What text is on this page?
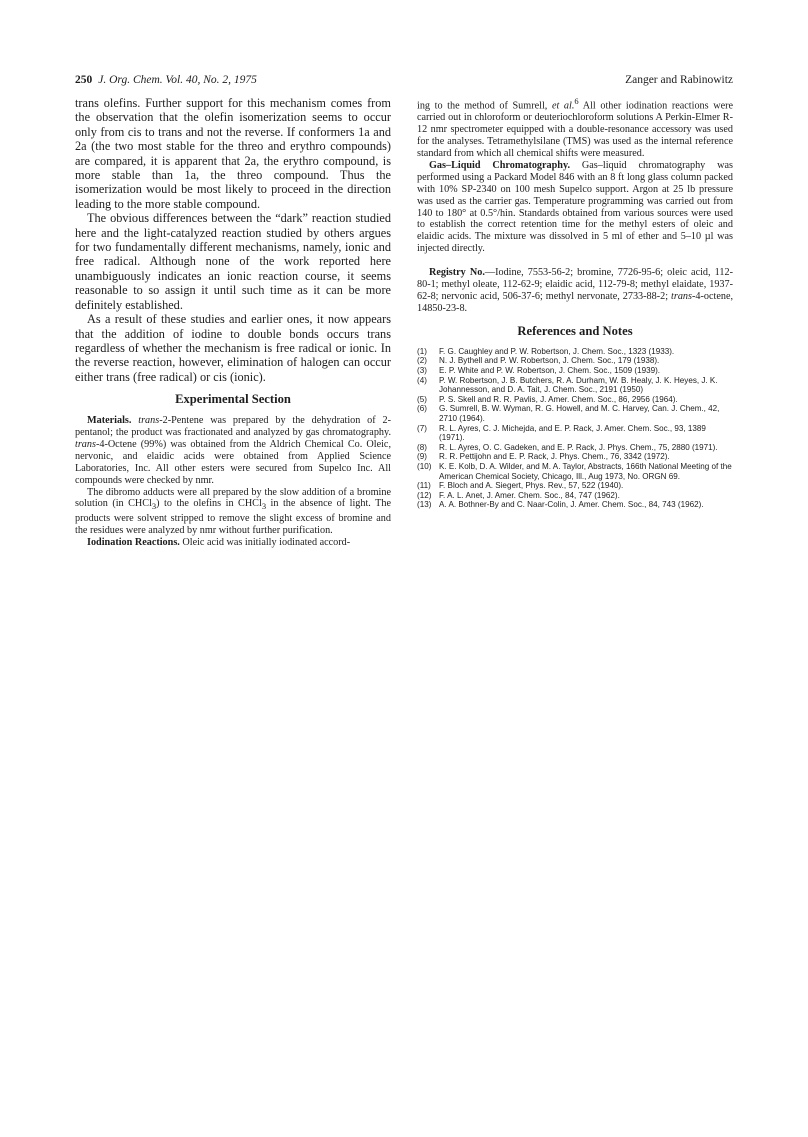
250 J. Org. Chem. Vol. 40, No. 2, 1975	Zanger and Rabinowitz

trans olefins. Further support for this mechanism comes from the observation that the olefin isomerization seems to occur only from cis to trans and not the reverse. If conformers 1a and 2a (the two most stable for the threo and erythro compounds) are compared, it is apparent that 2a, the erythro compound, is more stable than 1a, the threo compound. Thus the isomerization would be most likely to proceed in the direction leading to the more stable compound.

The obvious differences between the “dark” reaction studied here and the light-catalyzed reaction studied by others argues for two fundamentally different mechanisms, namely, ionic and free radical. Although none of the work reported here unambiguously indicates an ionic reaction course, it seems reasonable to so assign it until such time as it can be more definitely established.

As a result of these studies and earlier ones, it now appears that the addition of iodine to double bonds occurs trans regardless of whether the mechanism is free radical or ionic. In the reverse reaction, however, elimination of halogen can occur either trans (free radical) or cis (ionic).

Experimental Section

Materials. trans-2-Pentene was prepared by the dehydration of 2-pentanol; the product was fractionated and analyzed by gas chromatography. trans-4-Octene (99%) was obtained from the Aldrich Chemical Co. Oleic, nervonic, and elaidic acids were obtained from Applied Science Laboratories, Inc. All other esters were secured from Supelco Inc. All compounds were checked by nmr.

The dibromo adducts were all prepared by the slow addition of a bromine solution (in CHCl$_3$) to the olefins in CHCl$_3$ in the absence of light. The products were solvent stripped to remove the slight excess of bromine and the residues were analyzed by nmr without further purification.

Iodination Reactions. Oleic acid was initially iodinated accord-

ing to the method of Sumrell, et al.$^6$ All other iodination reactions were carried out in chloroform or deuteriochloroform solutions A Perkin-Elmer R-12 nmr spectrometer equipped with a double-resonance accessory was used for the analyses. Tetramethylsilane (TMS) was used as the internal reference standard from which all chemical shifts were measured.

Gas–Liquid Chromatography. Gas–liquid chromatography was performed using a Packard Model 846 with an 8 ft long glass column packed with 10% SP-2340 on 100 mesh Supelco support. Argon at 25 lb pressure was used as the carrier gas. Temperature programming was carried out from 140 to 180° at 0.5°/hin. Standards obtained from various sources were used to establish the correct retention time for the methyl esters of oleic and elaidic acids. The mixture was dissolved in 5 ml of ether and 5–10 µl was injected directly.

Registry No.—Iodine, 7553-56-2; bromine, 7726-95-6; oleic acid, 112-80-1; methyl oleate, 112-62-9; elaidic acid, 112-79-8; methyl elaidate, 1937-62-8; nervonic acid, 506-37-6; methyl nervonate, 2733-88-2; trans-4-octene, 14850-23-8.

References and Notes
(1)	F. G. Caughley and P. W. Robertson, J. Chem. Soc., 1323 (1933).
(2)	N. J. Bythell and P. W. Robertson, J. Chem. Soc., 179 (1938).
(3)	E. P. White and P. W. Robertson, J. Chem. Soc., 1509 (1939).
(4)	P. W. Robertson, J. B. Butchers, R. A. Durham, W. B. Healy, J. K. Heyes, J. K. Johannesson, and D. A. Tait, J. Chem. Soc., 2191 (1950)
(5)	P. S. Skell and R. R. Pavlis, J. Amer. Chem. Soc., 86, 2956 (1964).
(6)	G. Sumrell, B. W. Wyman, R. G. Howell, and M. C. Harvey, Can. J. Chem., 42, 2710 (1964).
(7)	R. L. Ayres, C. J. Michejda, and E. P. Rack, J. Amer. Chem. Soc., 93, 1389 (1971).
(8)	R. L. Ayres, O. C. Gadeken, and E. P. Rack, J. Phys. Chem., 75, 2880 (1971).
(9)	R. R. Pettijohn and E. P. Rack, J. Phys. Chem., 76, 3342 (1972).
(10) K. E. Kolb, D. A. Wilder, and M. A. Taylor, Abstracts, 166th National Meeting of the American Chemical Society, Chicago, Ill., Aug 1973, No. ORGN 69.
(11)	F. Bloch and A. Siegert, Phys. Rev., 57, 522 (1940).
(12) F. A. L. Anet, J. Amer. Chem. Soc., 84, 747 (1962).
(13) A. A. Bothner-By and C. Naar-Colin, J. Amer. Chem. Soc., 84, 743 (1962).
